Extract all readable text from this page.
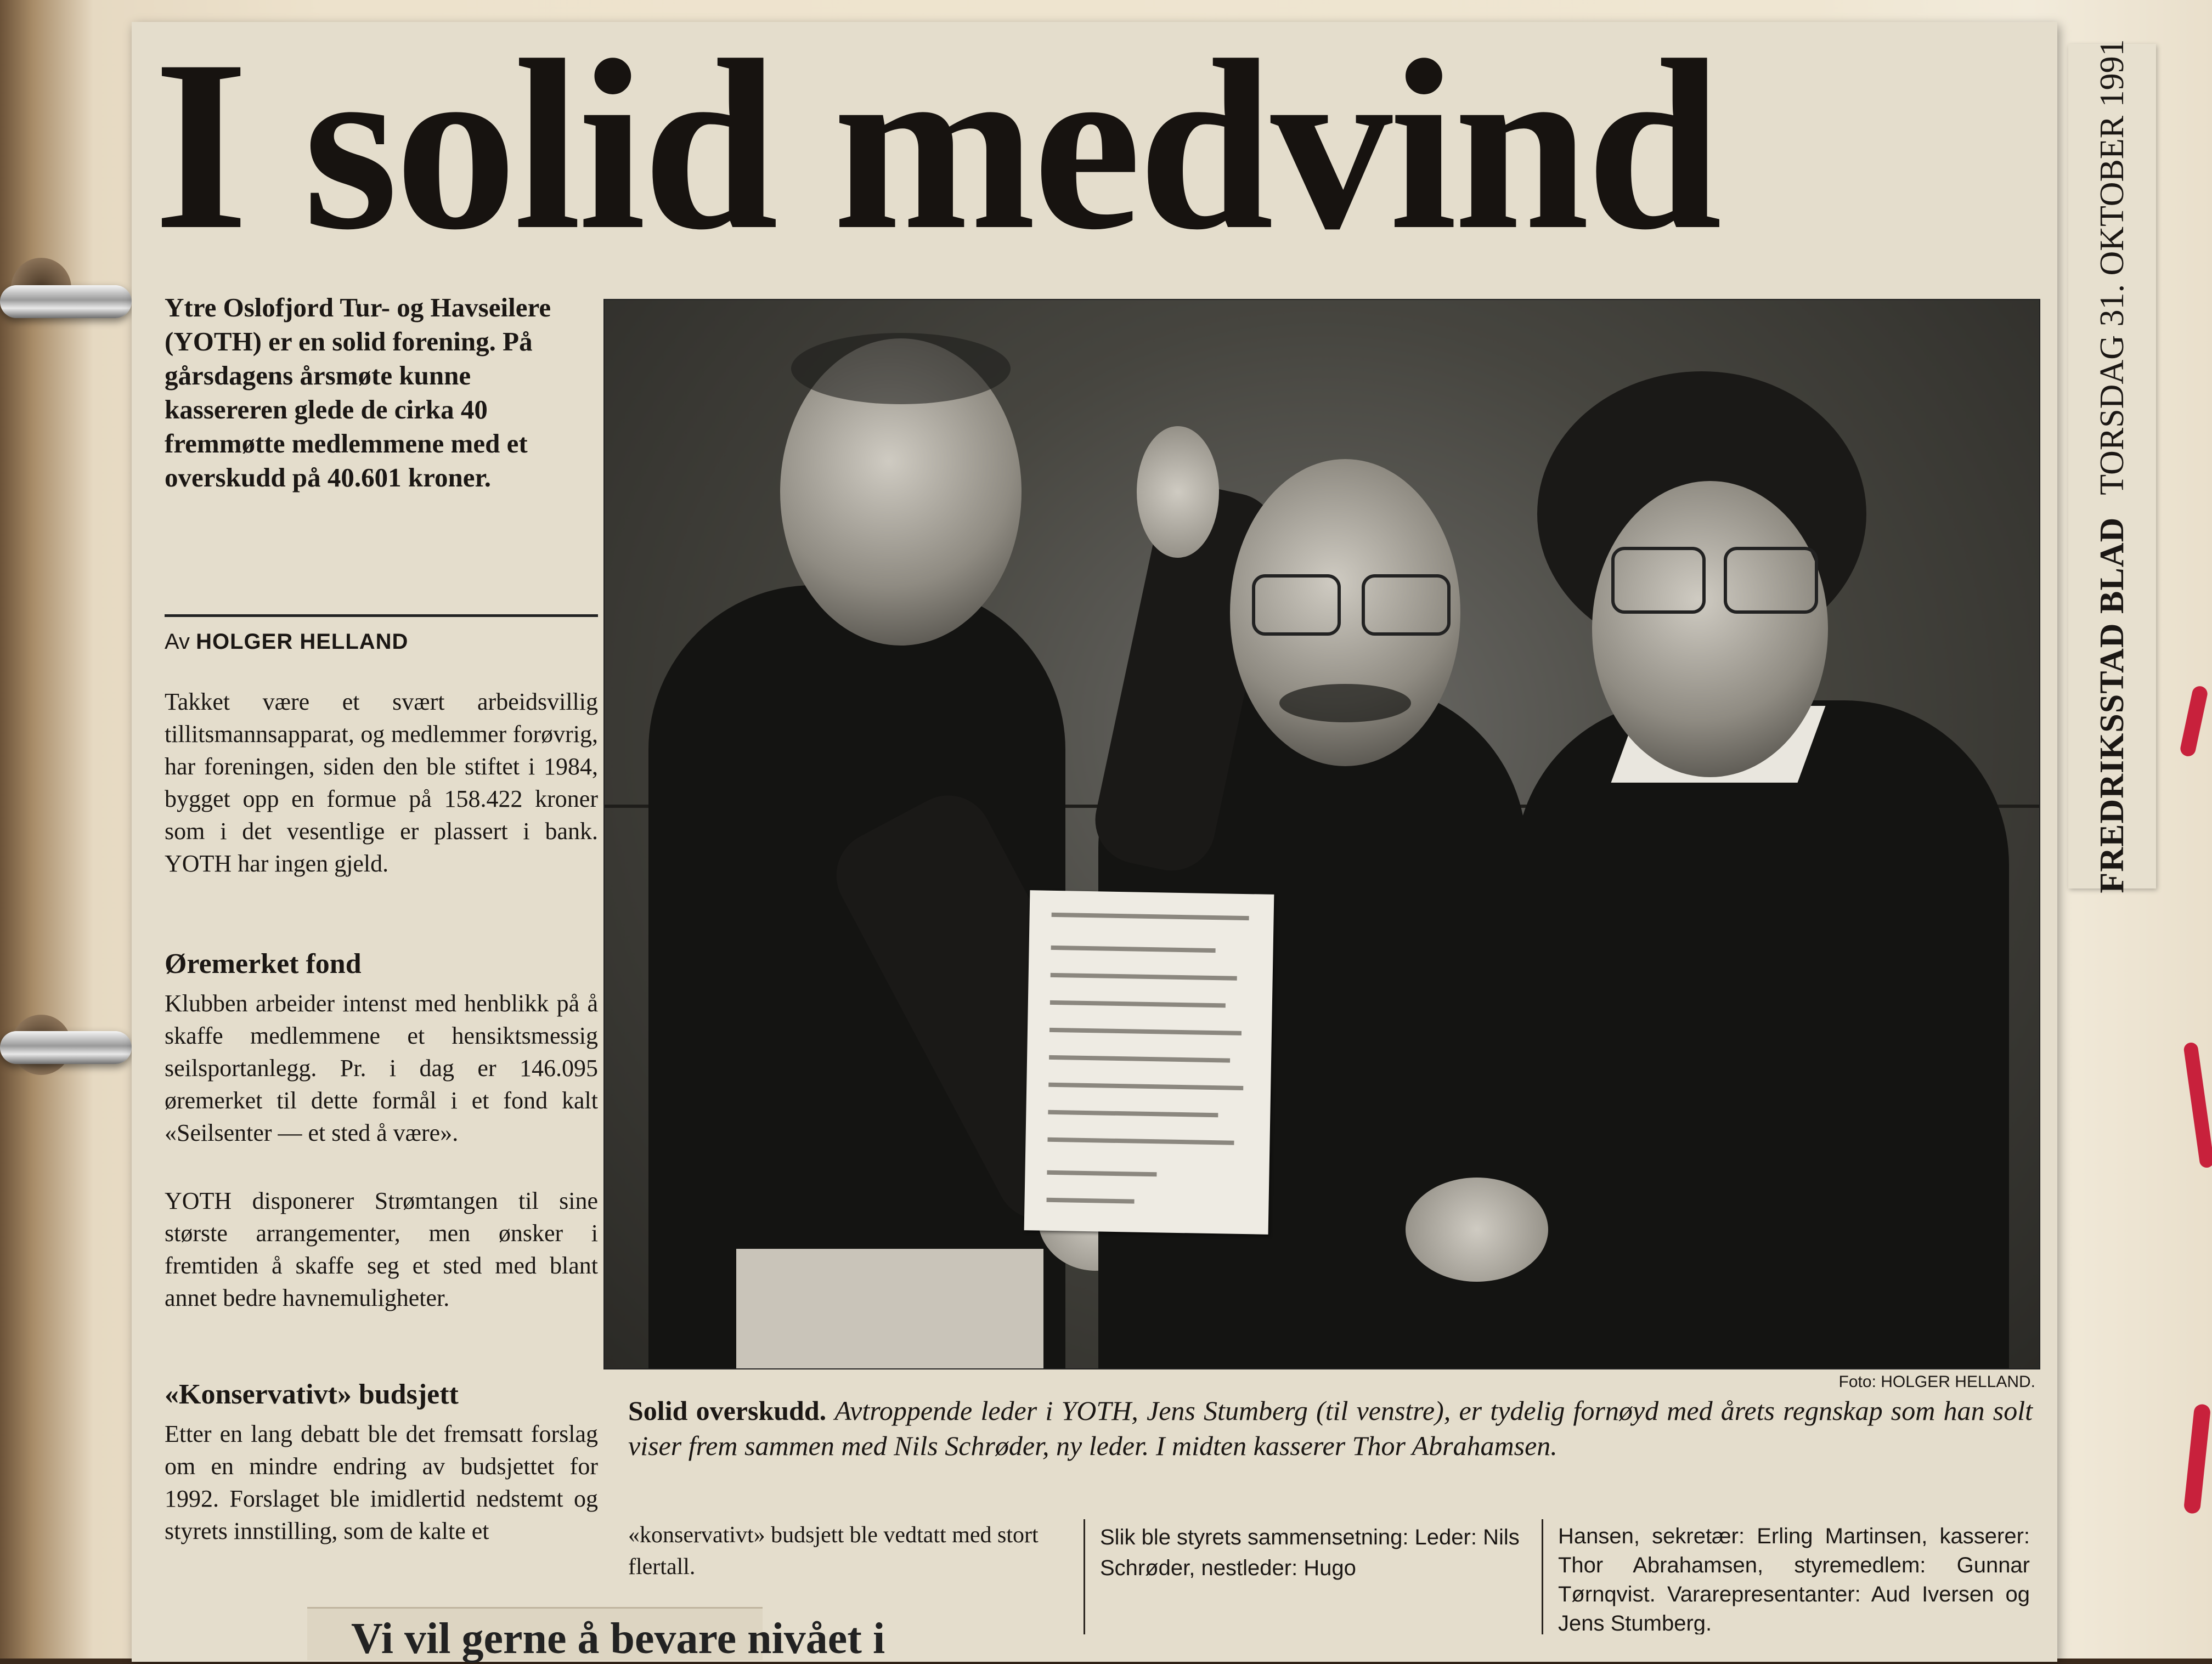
Vi vil gerne å bevare nivået i
FREDRIKSSTAD BLAD
TORSDAG 31. OKTOBER 1991
I solid medvind
Ytre Oslofjord Tur- og Havseilere (YOTH) er en solid forening. På gårsdagens årsmøte kunne kassereren glede de cirka 40 fremmøtte medlemmene med et overskudd på 40.601 kroner.
Av HOLGER HELLAND
Takket være et svært arbeidsvillig tillitsmannsapparat, og medlemmer forøvrig, har foreningen, siden den ble stiftet i 1984, bygget opp en formue på 158.422 kroner som i det vesentlige er plassert i bank. YOTH har ingen gjeld.
Øremerket fond
Klubben arbeider intenst med henblikk på å skaffe medlemmene et hensiktsmessig seilsportanlegg. Pr. i dag er 146.095 øremerket til dette formål i et fond kalt «Seilsenter — et sted å være».
YOTH disponerer Strømtangen til sine største arrangementer, men ønsker i fremtiden å skaffe seg et sted med blant annet bedre havnemuligheter.
«Konservativt» budsjett
Etter en lang debatt ble det fremsatt forslag om en mindre endring av budsjettet for 1992. Forslaget ble imidlertid nedstemt og styrets innstilling, som de kalte et
Foto: HOLGER HELLAND.
Solid overskudd. Avtroppende leder i YOTH, Jens Stumberg (til venstre), er tydelig fornøyd med årets regnskap som han solt viser frem sammen med Nils Schrøder, ny leder. I midten kasserer Thor Abrahamsen.
«konservativt» budsjett ble vedtatt med stort flertall.
Slik ble styrets sammensetning: Leder: Nils Schrøder, nestleder: Hugo
Hansen, sekretær: Erling Martinsen, kasserer: Thor Abrahamsen, styremedlem: Gunnar Tørnqvist. Vararepresentanter: Aud Iversen og Jens Stumberg.
